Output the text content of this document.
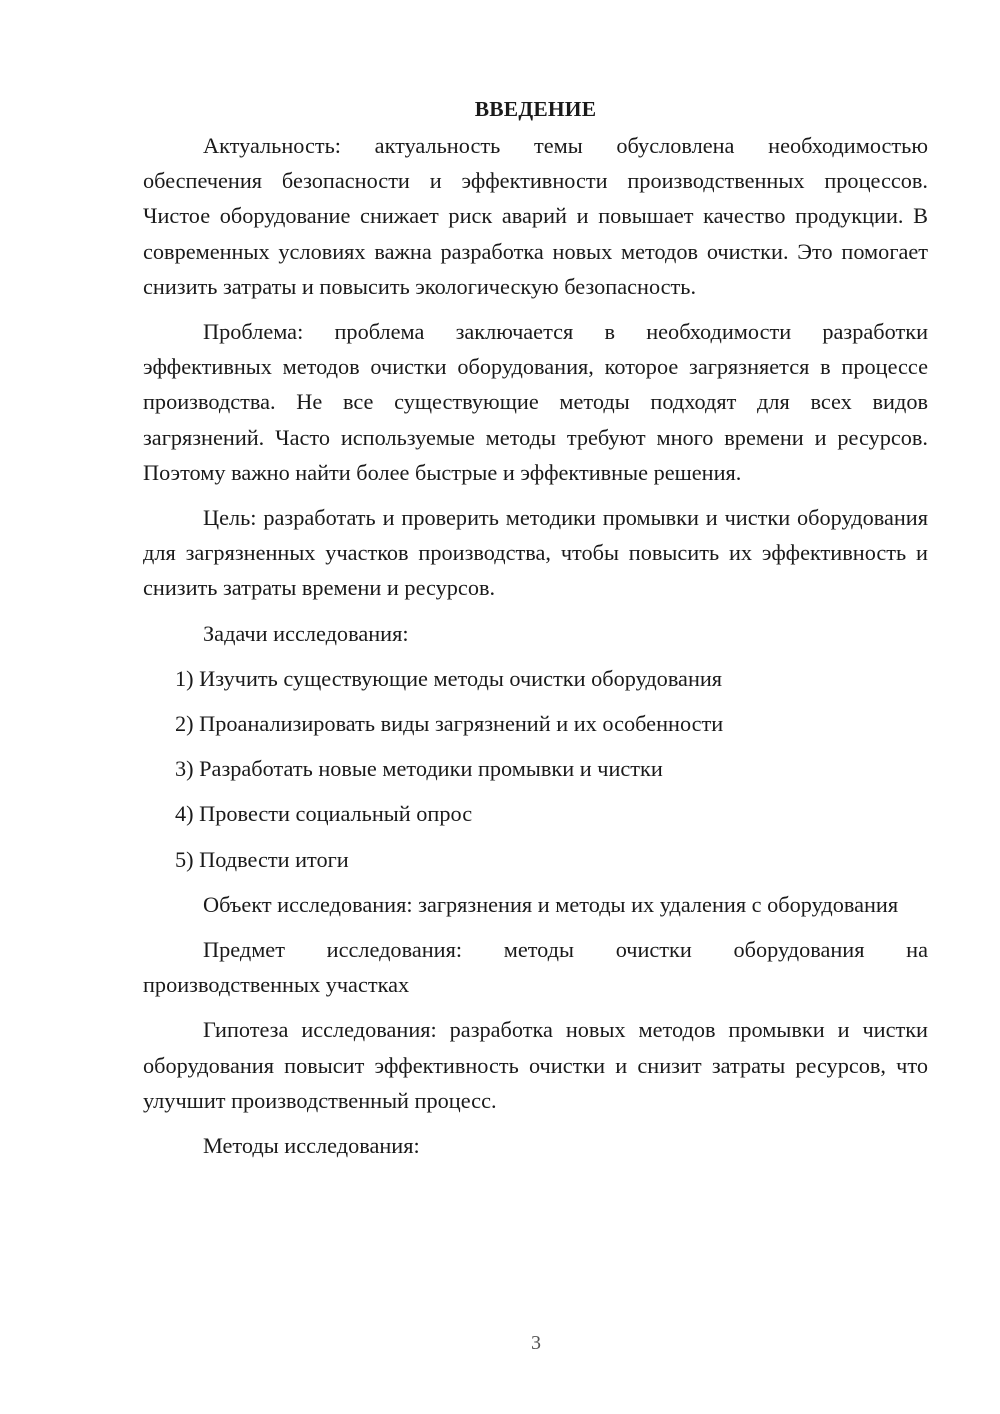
ВВЕДЕНИЕ

Актуальность: актуальность темы обусловлена необходимостью обеспечения безопасности и эффективности производственных процессов. Чистое оборудование снижает риск аварий и повышает качество продукции. В современных условиях важна разработка новых методов очистки. Это помогает снизить затраты и повысить экологическую безопасность.

Проблема: проблема заключается в необходимости разработки эффективных методов очистки оборудования, которое загрязняется в процессе производства. Не все существующие методы подходят для всех видов загрязнений. Часто используемые методы требуют много времени и ресурсов. Поэтому важно найти более быстрые и эффективные решения.

Цель: разработать и проверить методики промывки и чистки оборудования для загрязненных участков производства, чтобы повысить их эффективность и снизить затраты времени и ресурсов.

Задачи исследования:

1) Изучить существующие методы очистки оборудования
2) Проанализировать виды загрязнений и их особенности
3) Разработать новые методики промывки и чистки
4) Провести социальный опрос
5) Подвести итоги

Объект исследования: загрязнения и методы их удаления с оборудования

Предмет исследования: методы очистки оборудования на производственных участках

Гипотеза исследования: разработка новых методов промывки и чистки оборудования повысит эффективность очистки и снизит затраты ресурсов, что улучшит производственный процесс.

Методы исследования:

3
